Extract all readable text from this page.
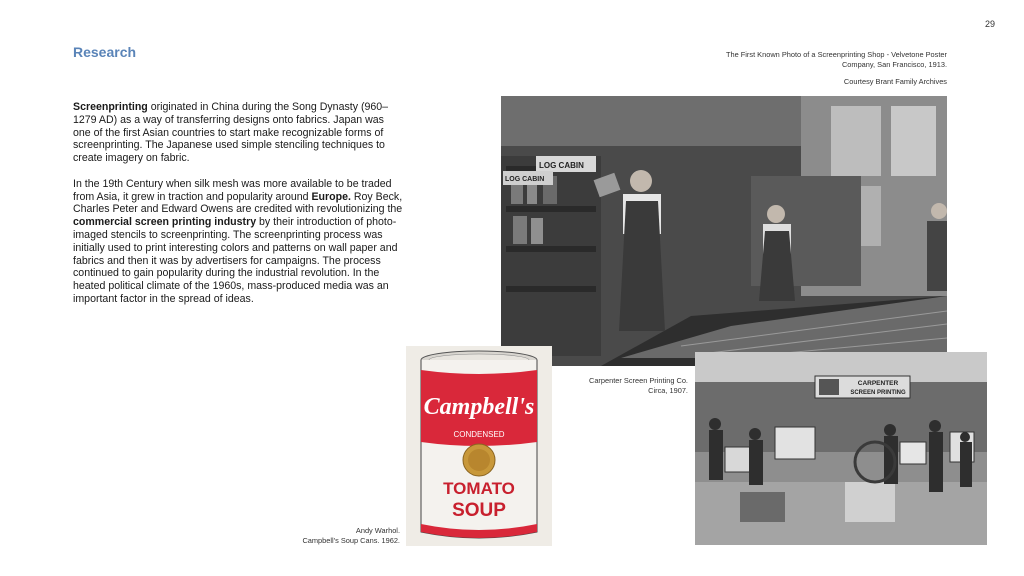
29
Research

Screenprinting originated in China during the Song Dynasty (960–1279 AD) as a way of transferring designs onto fabrics. Japan was one of the first Asian countries to start make recognizable forms of screenprinting. The Japanese used simple stenciling techniques to create imagery on fabric.

In the 19th Century when silk mesh was more available to be traded from Asia, it grew in traction and popularity around Europe. Roy Beck, Charles Peter and Edward Owens are credited with revolutionizing the commercial screen printing industry by their introduction of photo-imaged stencils to screenprinting. The screenprinting process was initially used to print interesting colors and patterns on wall paper and fabrics and then it was by advertisers for campaigns. The process continued to gain popularity during the industrial revolution. In the heated political climate of the 1960s, mass-produced media was an important factor in the spread of ideas.

The First Known Photo of a Screenprinting Shop - Velvetone Poster
Company, San Francisco, 1913.
Courtesy Brant Family Archives
LOG CABIN
LOG CABIN
Campbell's
CONDENSED
TOMATO
SOUP
Carpenter Screen Printing Co.
Circa, 1907.
CARPENTER
SCREEN PRINTING
Andy Warhol.
Campbell's Soup Cans. 1962.
